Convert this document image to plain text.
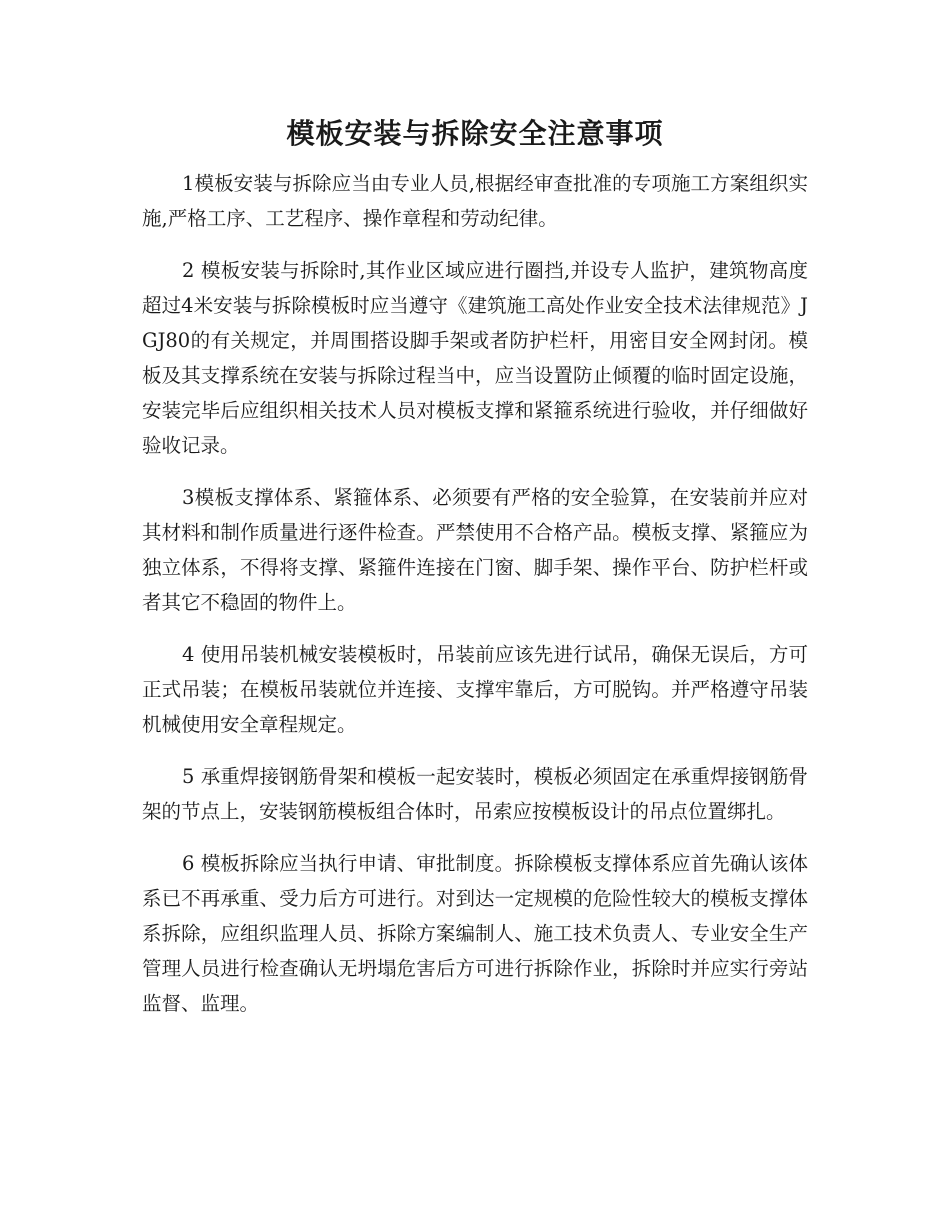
模板安装与拆除安全注意事项

1模板安装与拆除应当由专业人员,根据经审查批准的专项施工方案组织实施,严格工序、工艺程序、操作章程和劳动纪律。

2 模板安装与拆除时,其作业区域应进行圈挡,并设专人监护，建筑物高度超过4米安装与拆除模板时应当遵守《建筑施工高处作业安全技术法律规范》JGJ80的有关规定，并周围搭设脚手架或者防护栏杆，用密目安全网封闭。模板及其支撑系统在安装与拆除过程当中，应当设置防止倾覆的临时固定设施，安装完毕后应组织相关技术人员对模板支撑和紧箍系统进行验收，并仔细做好验收记录。

3模板支撑体系、紧箍体系、必须要有严格的安全验算，在安装前并应对其材料和制作质量进行逐件检查。严禁使用不合格产品。模板支撑、紧箍应为独立体系，不得将支撑、紧箍件连接在门窗、脚手架、操作平台、防护栏杆或者其它不稳固的物件上。

4 使用吊装机械安装模板时，吊装前应该先进行试吊，确保无误后，方可正式吊装；在模板吊装就位并连接、支撑牢靠后，方可脱钩。并严格遵守吊装机械使用安全章程规定。

5 承重焊接钢筋骨架和模板一起安装时，模板必须固定在承重焊接钢筋骨架的节点上，安装钢筋模板组合体时，吊索应按模板设计的吊点位置绑扎。

6 模板拆除应当执行申请、审批制度。拆除模板支撑体系应首先确认该体系已不再承重、受力后方可进行。对到达一定规模的危险性较大的模板支撑体系拆除，应组织监理人员、拆除方案编制人、施工技术负责人、专业安全生产管理人员进行检查确认无坍塌危害后方可进行拆除作业，拆除时并应实行旁站监督、监理。
